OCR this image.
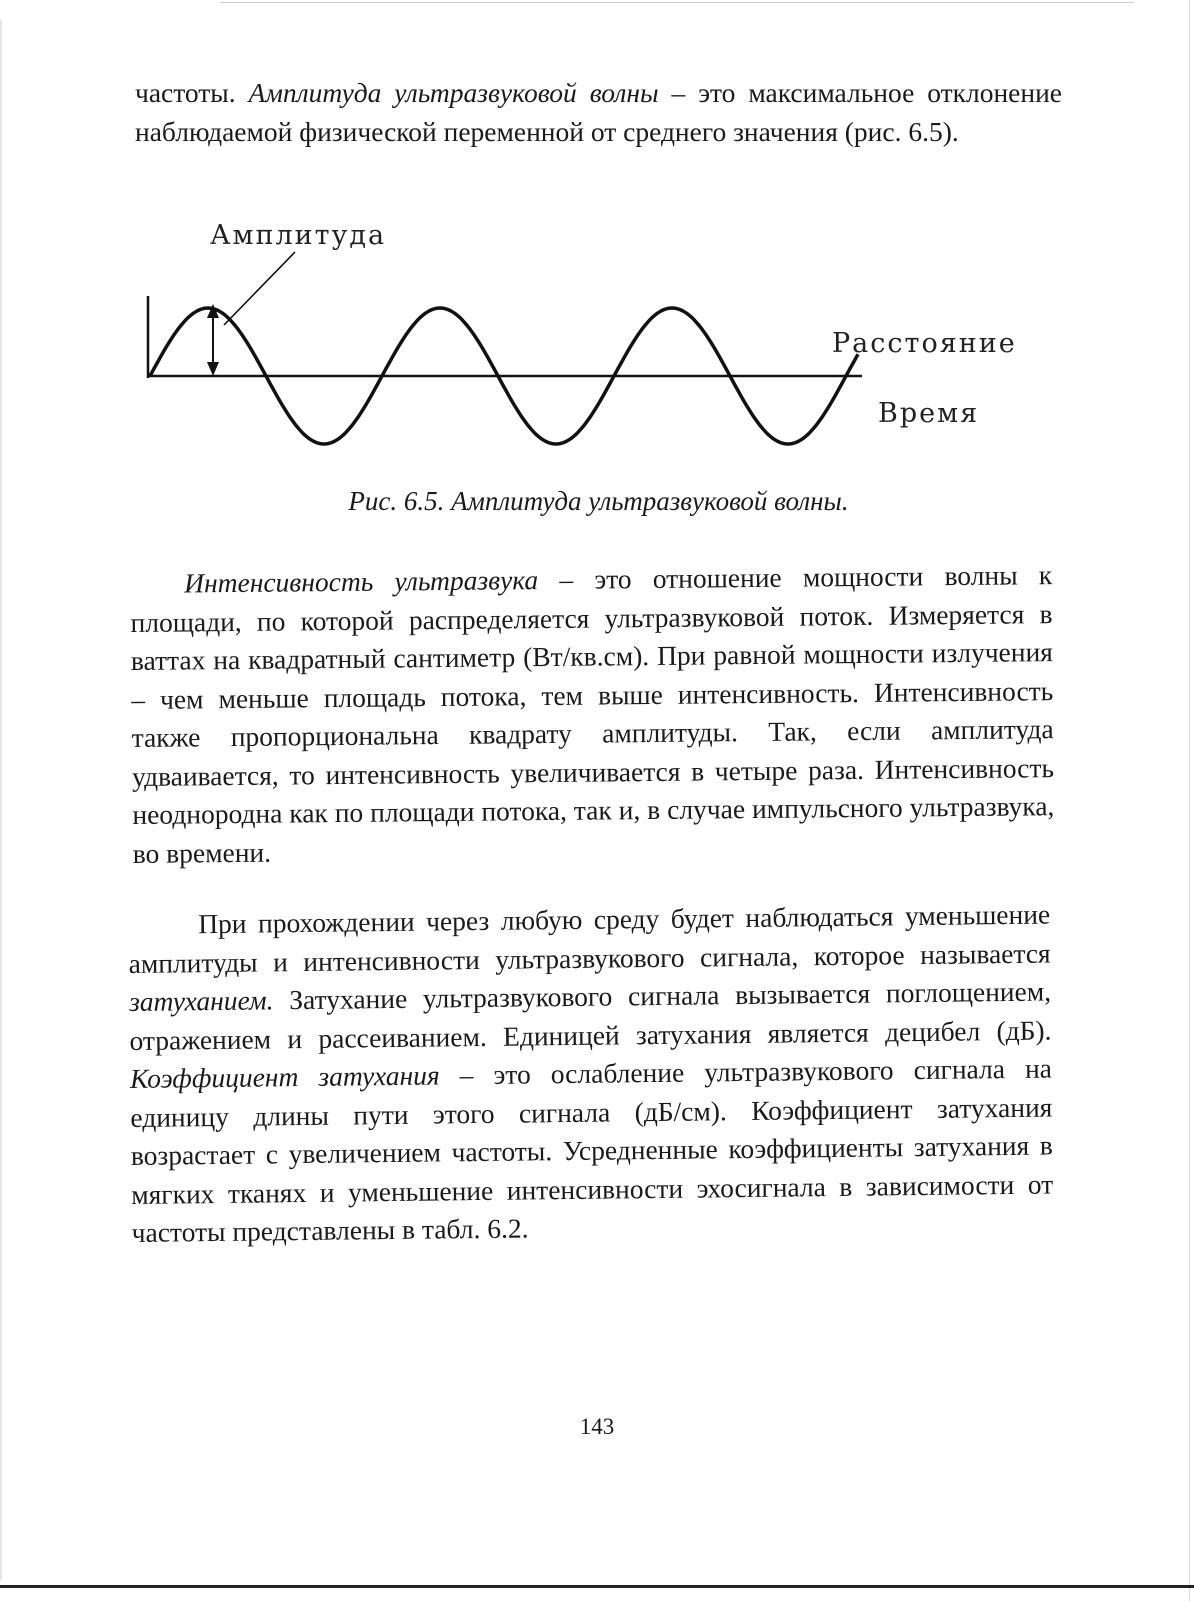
частоты. Амплитуда ультразвуковой волны – это максимальное отклонение наблюдаемой физической переменной от среднего значения (рис. 6.5).

Амплитуда
Расстояние
Время
Рис. 6.5. Амплитуда ультразвуковой волны.

Интенсивность ультразвука – это отношение мощности волны к площади, по которой распределяется ультразвуковой поток. Измеряется в ваттах на квадратный сантиметр (Вт/кв.см). При равной мощности излучения – чем меньше площадь потока, тем выше интенсивность. Интенсивность также пропорциональна квадрату амплитуды. Так, если амплитуда удваивается, то интенсивность увеличивается в четыре раза. Интенсивность неоднородна как по площади потока, так и, в случае импульсного ультразвука, во времени.

При прохождении через любую среду будет наблюдаться уменьшение амплитуды и интенсивности ультразвукового сигнала, которое называется затуханием. Затухание ультразвукового сигнала вызывается поглощением, отражением и рассеиванием. Единицей затухания является децибел (дБ). Коэффициент затухания – это ослабление ультразвукового сигнала на единицу длины пути этого сигнала (дБ/см). Коэффициент затухания возрастает с увеличением частоты. Усредненные коэффициенты затухания в мягких тканях и уменьшение интенсивности эхосигнала в зависимости от частоты представлены в табл. 6.2.

143
